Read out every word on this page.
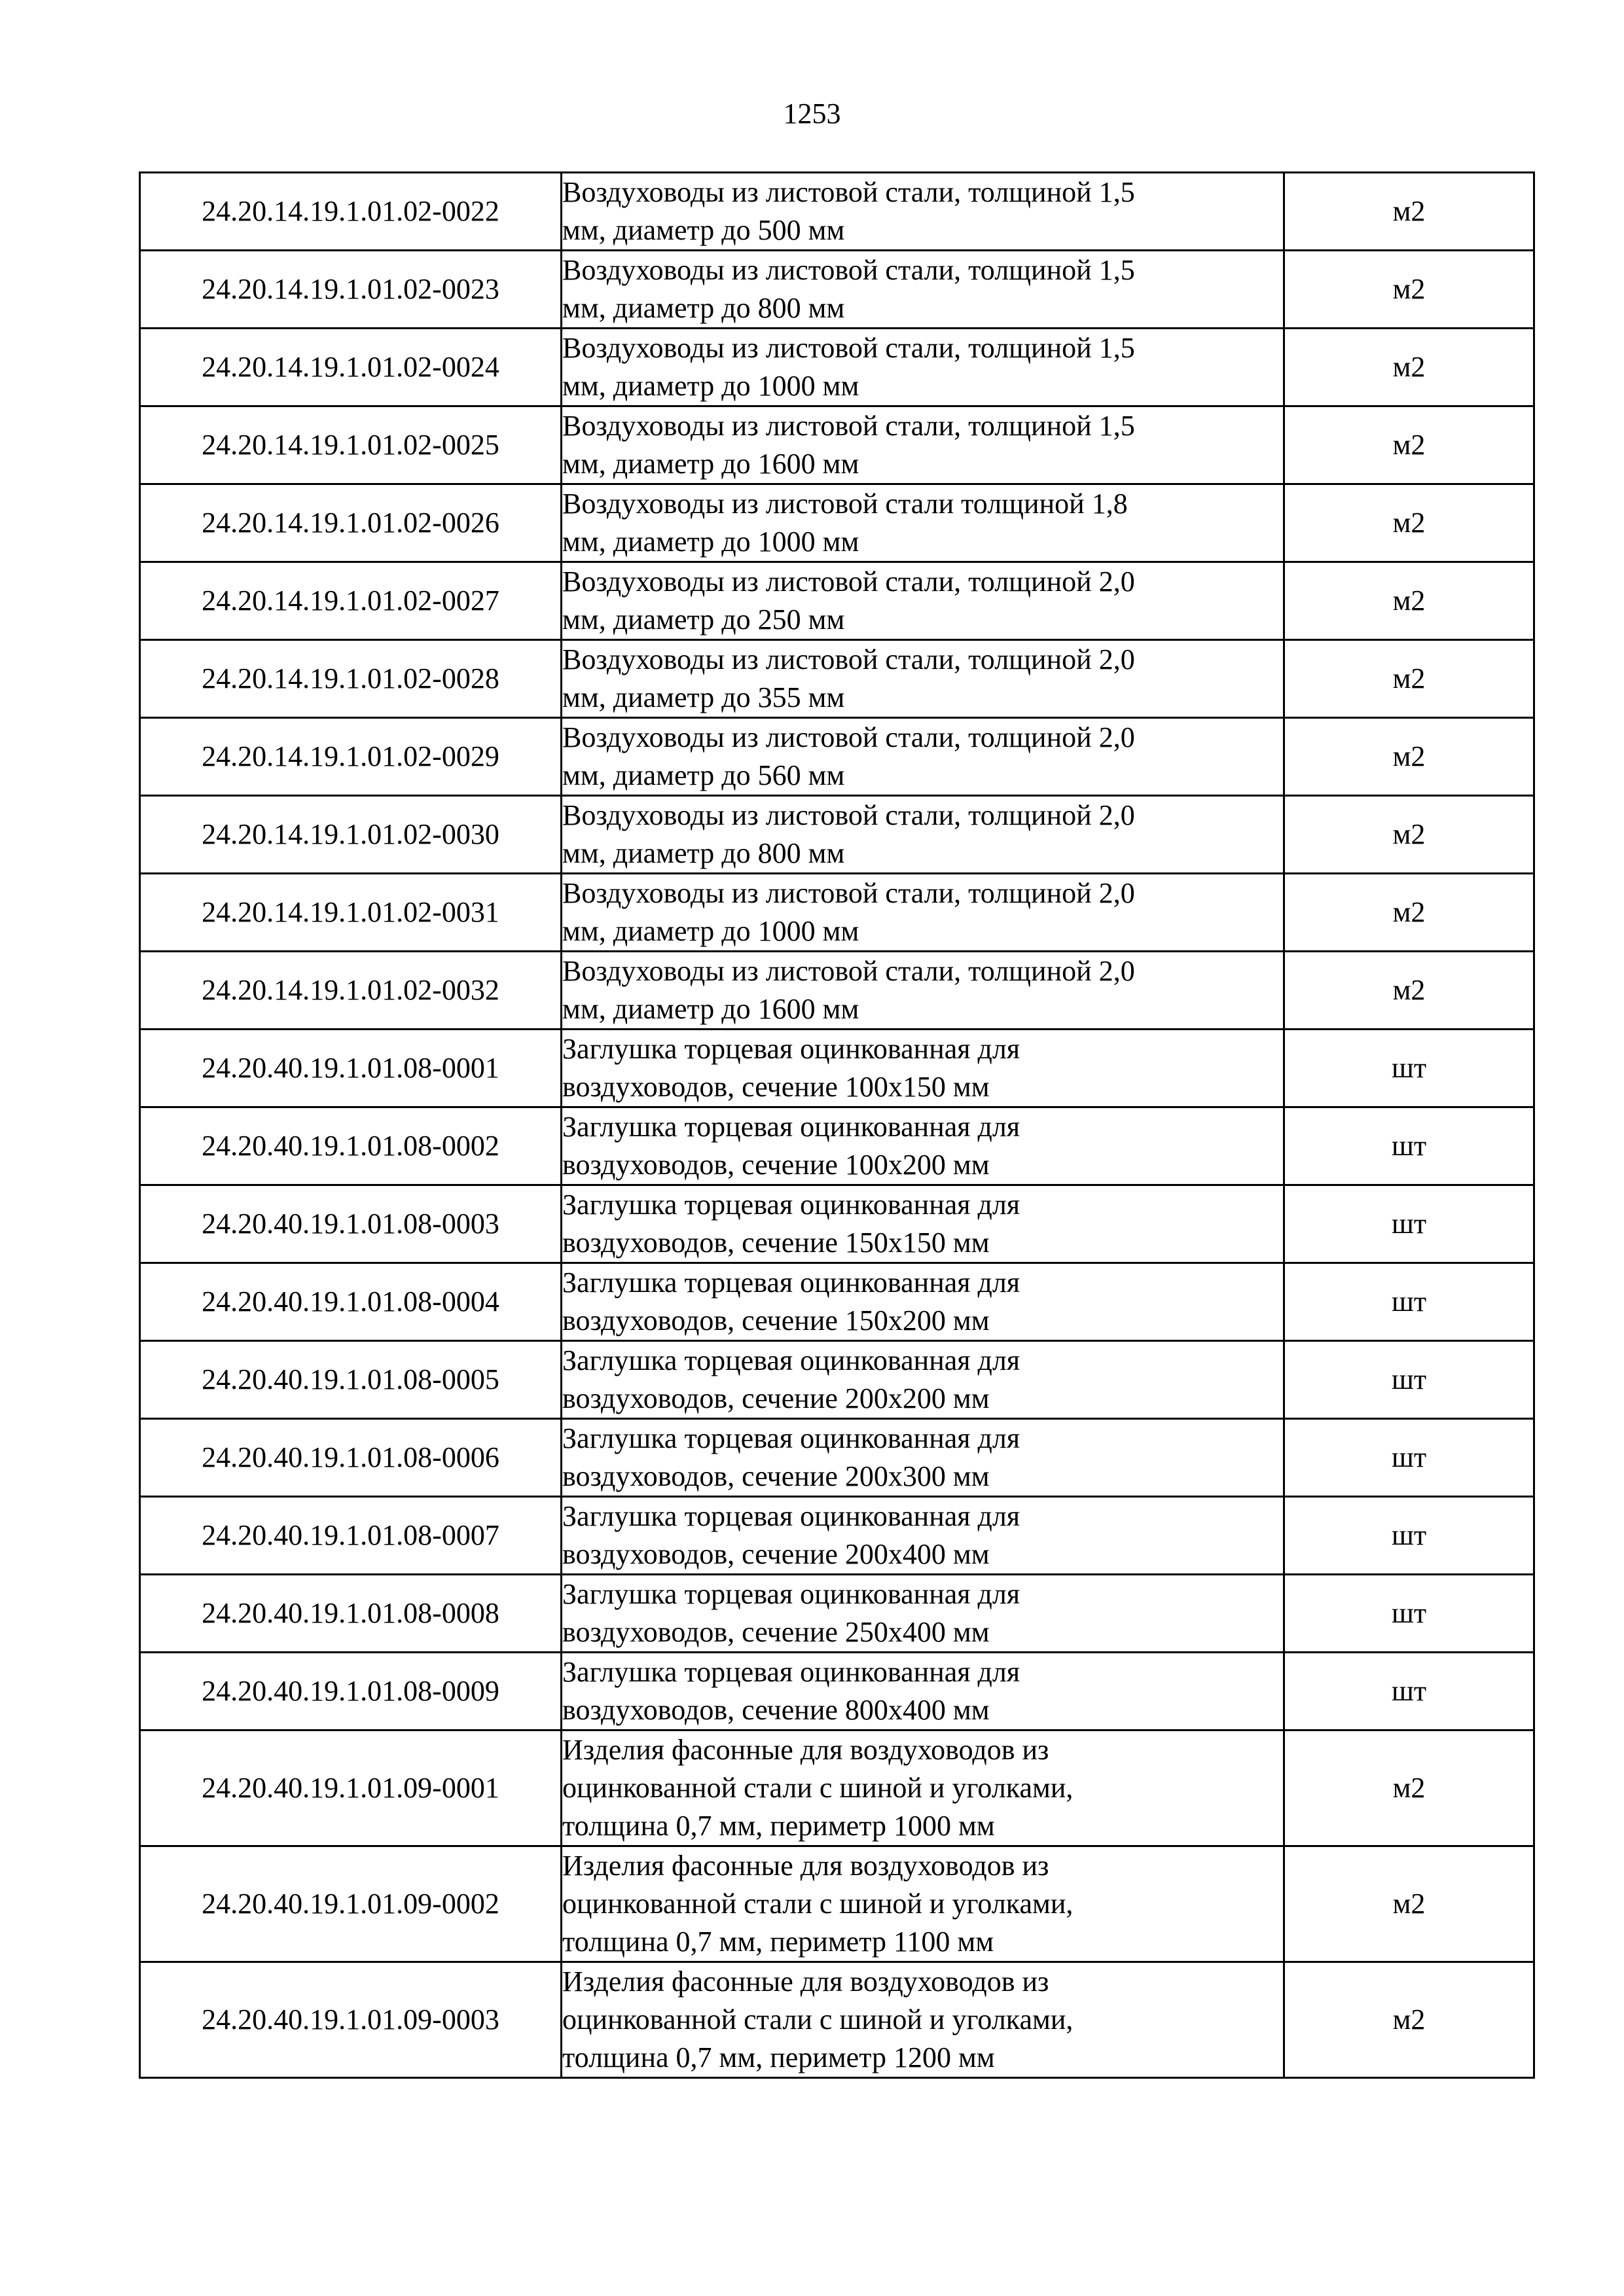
1253
24.20.14.19.1.01.02-0022	Воздуховоды из листовой стали, толщиной 1,5
мм, диаметр до 500 мм	м2
24.20.14.19.1.01.02-0023	Воздуховоды из листовой стали, толщиной 1,5
мм, диаметр до 800 мм	м2
24.20.14.19.1.01.02-0024	Воздуховоды из листовой стали, толщиной 1,5
мм, диаметр до 1000 мм	м2
24.20.14.19.1.01.02-0025	Воздуховоды из листовой стали, толщиной 1,5
мм, диаметр до 1600 мм	м2
24.20.14.19.1.01.02-0026	Воздуховоды из листовой стали толщиной 1,8
мм, диаметр до 1000 мм	м2
24.20.14.19.1.01.02-0027	Воздуховоды из листовой стали, толщиной 2,0
мм, диаметр до 250 мм	м2
24.20.14.19.1.01.02-0028	Воздуховоды из листовой стали, толщиной 2,0
мм, диаметр до 355 мм	м2
24.20.14.19.1.01.02-0029	Воздуховоды из листовой стали, толщиной 2,0
мм, диаметр до 560 мм	м2
24.20.14.19.1.01.02-0030	Воздуховоды из листовой стали, толщиной 2,0
мм, диаметр до 800 мм	м2
24.20.14.19.1.01.02-0031	Воздуховоды из листовой стали, толщиной 2,0
мм, диаметр до 1000 мм	м2
24.20.14.19.1.01.02-0032	Воздуховоды из листовой стали, толщиной 2,0
мм, диаметр до 1600 мм	м2
24.20.40.19.1.01.08-0001	Заглушка торцевая оцинкованная для
воздуховодов, сечение 100х150 мм	шт
24.20.40.19.1.01.08-0002	Заглушка торцевая оцинкованная для
воздуховодов, сечение 100х200 мм	шт
24.20.40.19.1.01.08-0003	Заглушка торцевая оцинкованная для
воздуховодов, сечение 150х150 мм	шт
24.20.40.19.1.01.08-0004	Заглушка торцевая оцинкованная для
воздуховодов, сечение 150х200 мм	шт
24.20.40.19.1.01.08-0005	Заглушка торцевая оцинкованная для
воздуховодов, сечение 200х200 мм	шт
24.20.40.19.1.01.08-0006	Заглушка торцевая оцинкованная для
воздуховодов, сечение 200х300 мм	шт
24.20.40.19.1.01.08-0007	Заглушка торцевая оцинкованная для
воздуховодов, сечение 200х400 мм	шт
24.20.40.19.1.01.08-0008	Заглушка торцевая оцинкованная для
воздуховодов, сечение 250х400 мм	шт
24.20.40.19.1.01.08-0009	Заглушка торцевая оцинкованная для
воздуховодов, сечение 800х400 мм	шт
24.20.40.19.1.01.09-0001	Изделия фасонные для воздуховодов из
оцинкованной стали с шиной и уголками,
толщина 0,7 мм, периметр 1000 мм	м2
24.20.40.19.1.01.09-0002	Изделия фасонные для воздуховодов из
оцинкованной стали с шиной и уголками,
толщина 0,7 мм, периметр 1100 мм	м2
24.20.40.19.1.01.09-0003	Изделия фасонные для воздуховодов из
оцинкованной стали с шиной и уголками,
толщина 0,7 мм, периметр 1200 мм	м2
